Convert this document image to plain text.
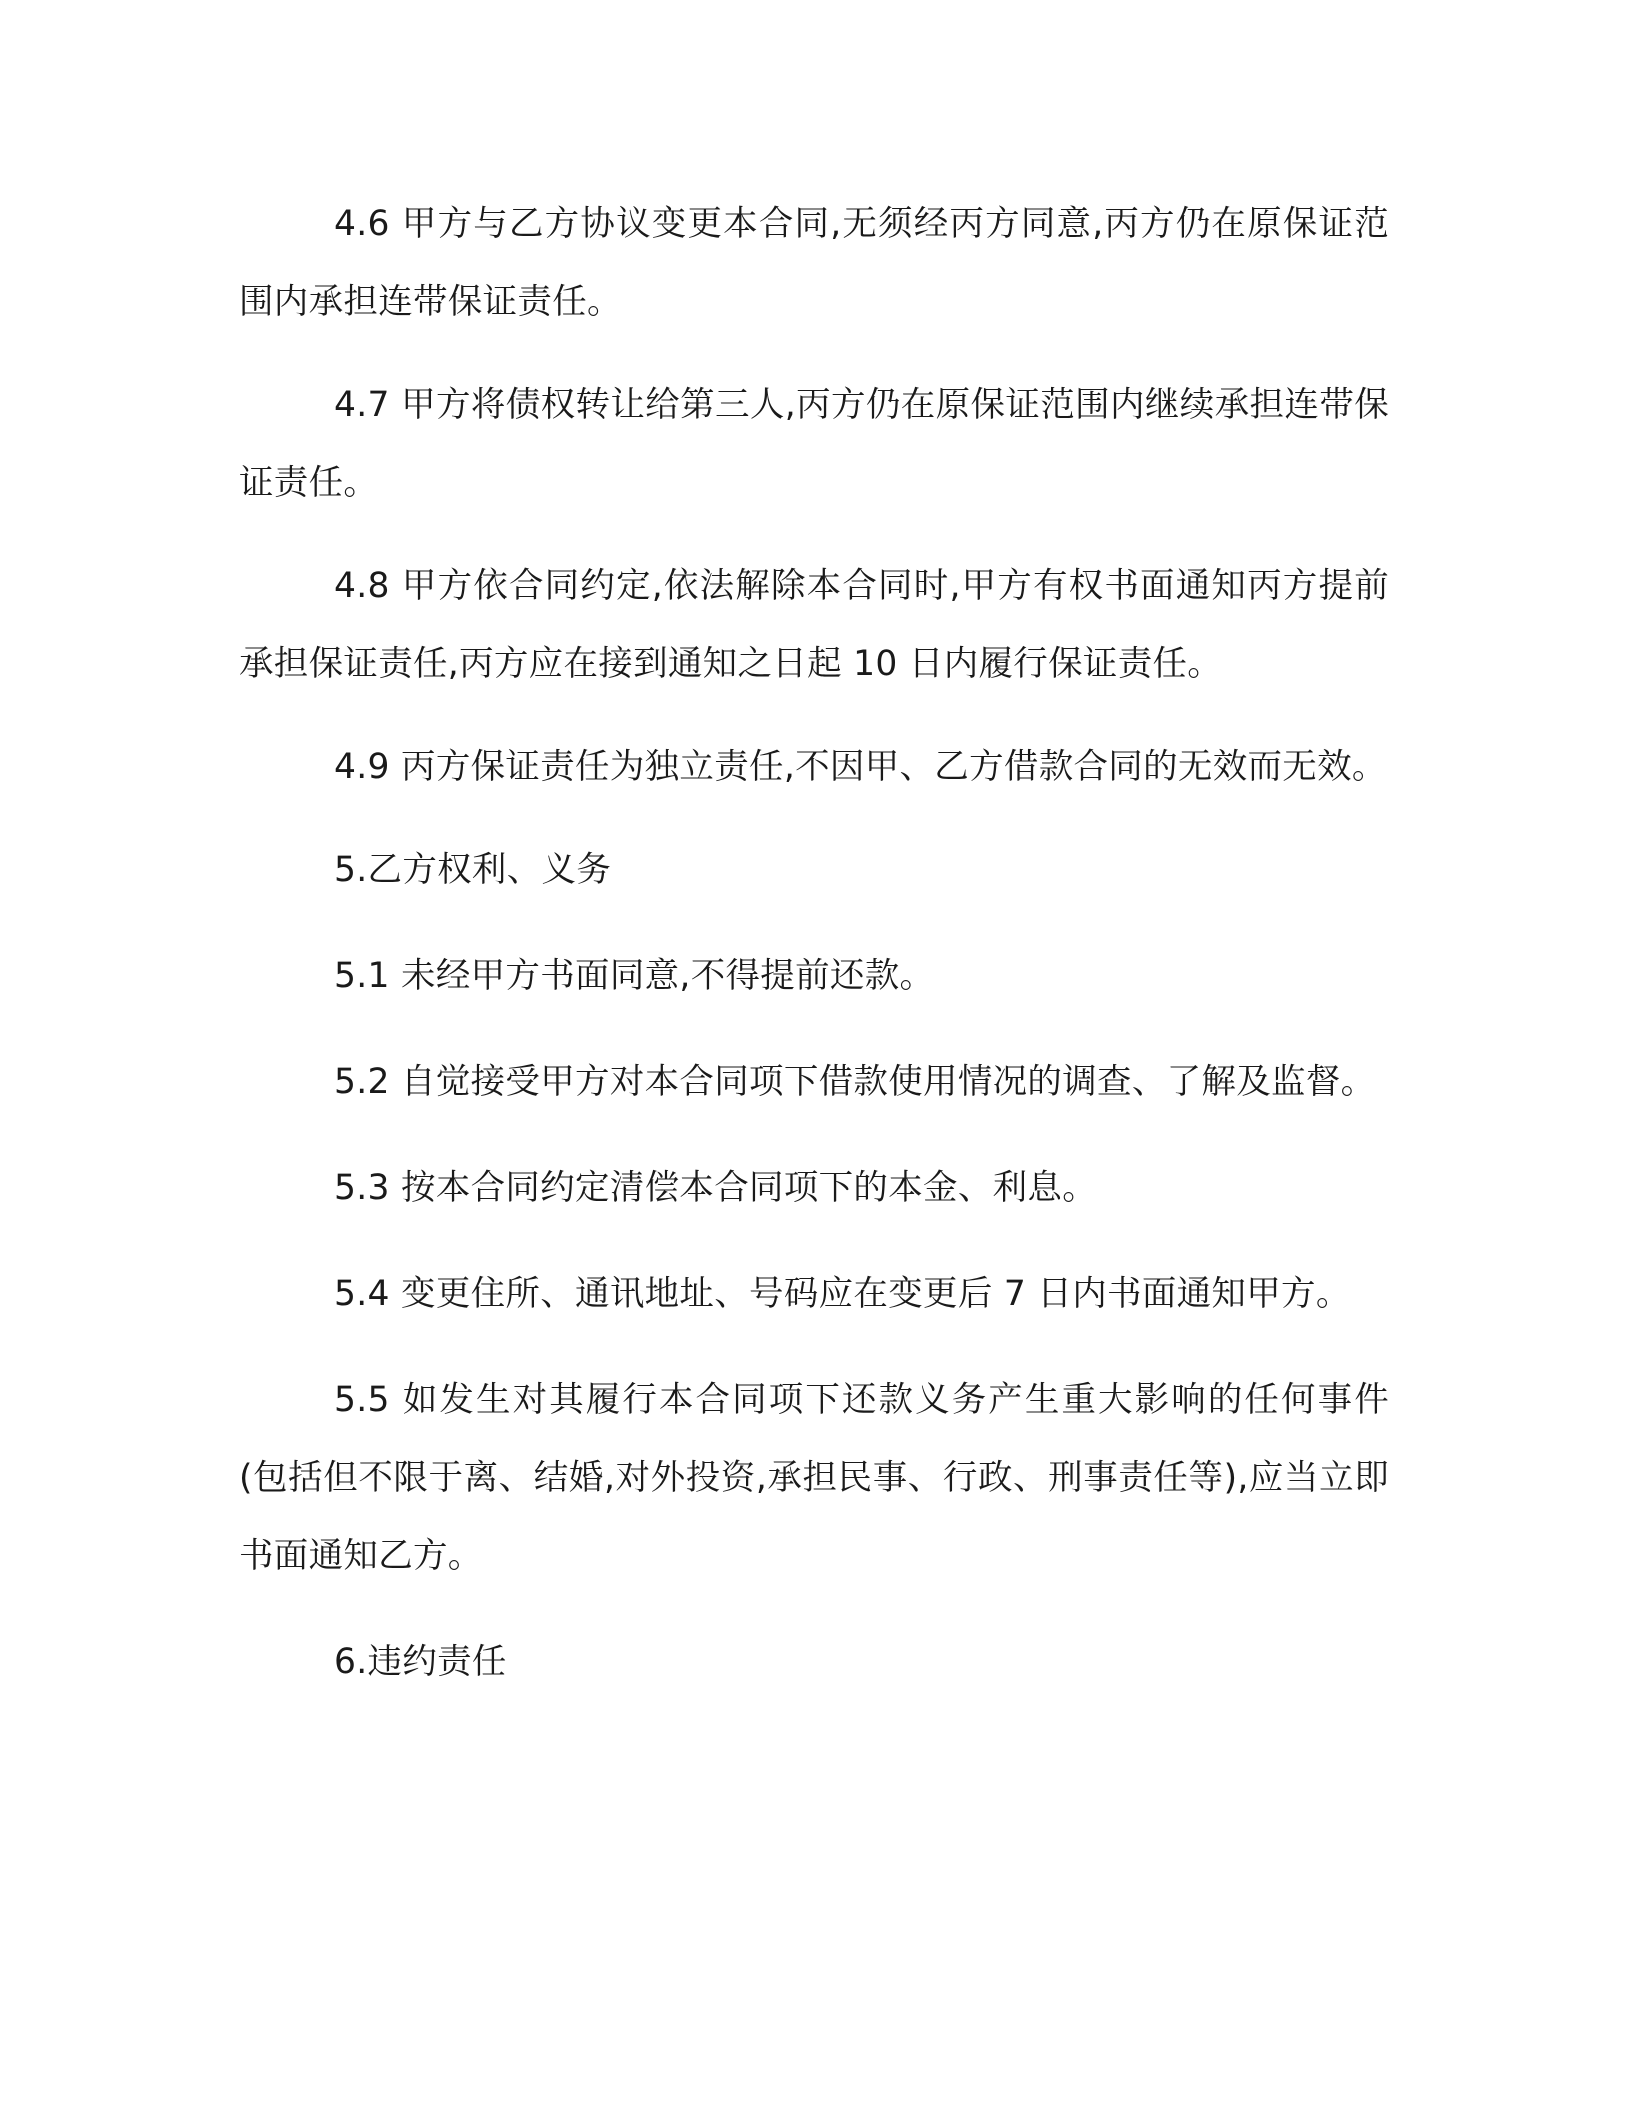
4.6 甲方与乙方协议变更本合同,无须经丙方同意,丙方仍在原保证范围内承担连带保证责任。

4.7 甲方将债权转让给第三人,丙方仍在原保证范围内继续承担连带保证责任。

4.8 甲方依合同约定,依法解除本合同时,甲方有权书面通知丙方提前承担保证责任,丙方应在接到通知之日起 10 日内履行保证责任。

4.9 丙方保证责任为独立责任,不因甲、乙方借款合同的无效而无效。

5.乙方权利、义务

5.1 未经甲方书面同意,不得提前还款。

5.2 自觉接受甲方对本合同项下借款使用情况的调查、了解及监督。

5.3 按本合同约定清偿本合同项下的本金、利息。

5.4 变更住所、通讯地址、号码应在变更后 7 日内书面通知甲方。

5.5 如发生对其履行本合同项下还款义务产生重大影响的任何事件(包括但不限于离、结婚,对外投资,承担民事、行政、刑事责任等),应当立即书面通知乙方。

6.违约责任
